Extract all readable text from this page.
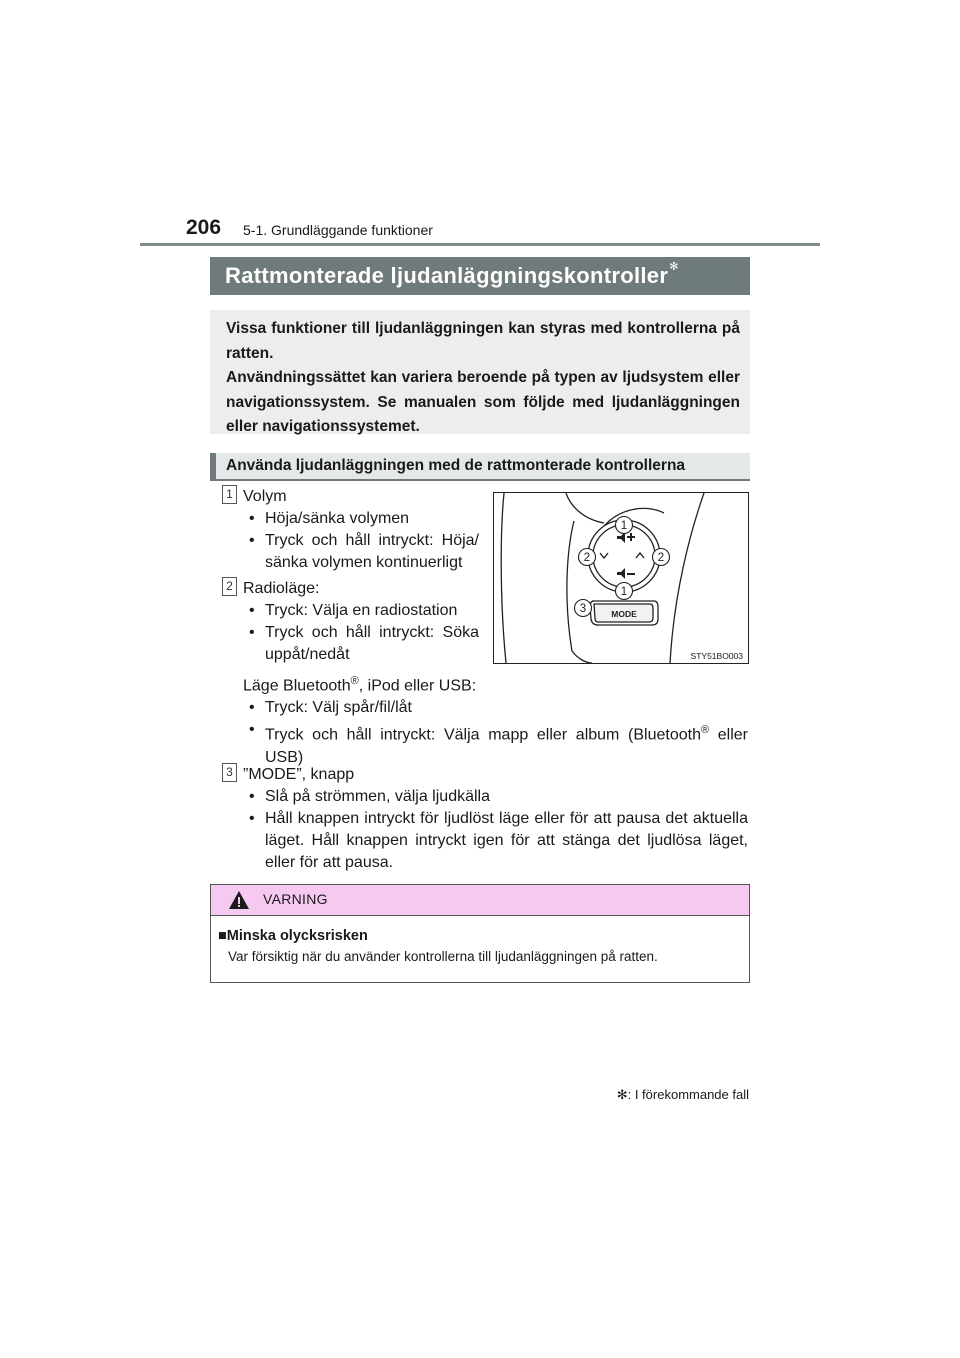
206 5-1. Grundläggande funktioner
Rattmonterade ljudanläggningskontroller✻

Vissa funktioner till ljudanläggningen kan styras med kontrollerna på ratten.

Användningssättet kan variera beroende på typen av ljudsystem eller navigationssystem. Se manualen som följde med ljudanläggningen eller navigationssystemet.

Använda ljudanläggningen med de rattmonterade kontrollerna
1 Volym
• Höja/sänka volymen
• Tryck och håll intryckt: Höja/ sänka volymen kontinuerligt
2 Radioläge:
• Tryck: Välja en radiostation
• Tryck och håll intryckt: Söka uppåt/nedåt
Läge Bluetooth®, iPod eller USB:
• Tryck: Välj spår/fil/låt
• Tryck och håll intryckt: Välja mapp eller album (Bluetooth® eller USB)
3 ”MODE”, knapp
• Slå på strömmen, välja ljudkälla
• Håll knappen intryckt för ljudlöst läge eller för att pausa det aktuella läget. Håll knappen intryckt igen för att stänga det ljudlösa läget, eller för att pausa.
MODE
1
2	2
1
3
STY51BO003
VARNING
■Minska olycksrisken
Var försiktig när du använder kontrollerna till ljudanläggningen på ratten.
✻: I förekommande fall
